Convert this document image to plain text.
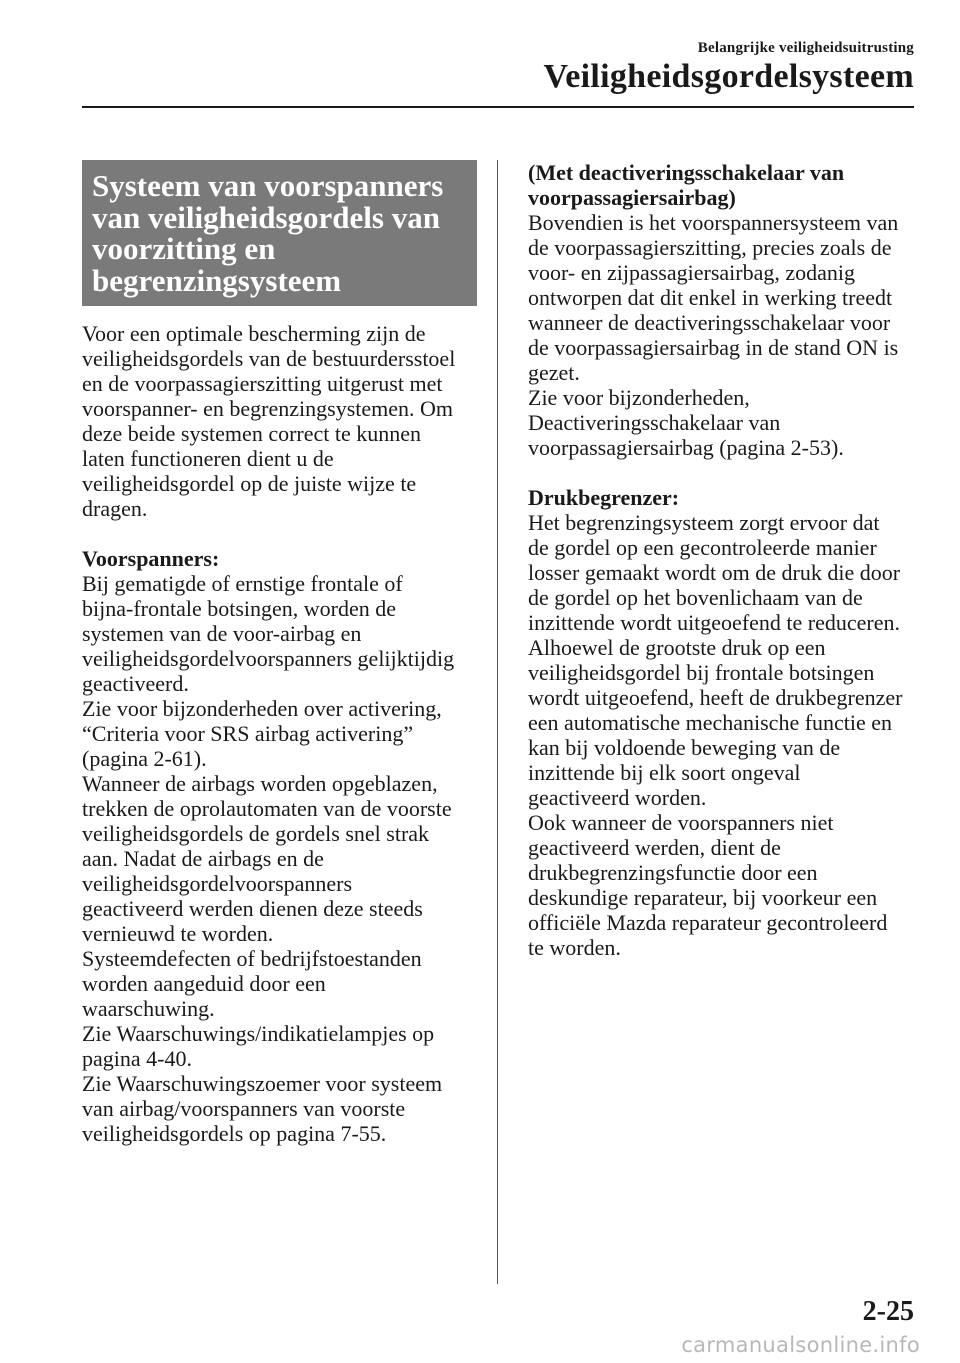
Belangrijke veiligheidsuitrusting
Veiligheidsgordelsysteem
Systeem van voorspanners
van veiligheidsgordels van
voorzitting en
begrenzingsysteem
Voor een optimale bescherming zijn de
veiligheidsgordels van de bestuurdersstoel
en de voorpassagierszitting uitgerust met
voorspanner- en begrenzingsystemen. Om
deze beide systemen correct te kunnen
laten functioneren dient u de
veiligheidsgordel op de juiste wijze te
dragen.
Voorspanners:
Bij gematigde of ernstige frontale of
bijna-frontale botsingen, worden de
systemen van de voor-airbag en
veiligheidsgordelvoorspanners gelijktijdig
geactiveerd.
Zie voor bijzonderheden over activering,
“Criteria voor SRS airbag activering”
(pagina 2-61).
Wanneer de airbags worden opgeblazen,
trekken de oprolautomaten van de voorste
veiligheidsgordels de gordels snel strak
aan. Nadat de airbags en de
veiligheidsgordelvoorspanners
geactiveerd werden dienen deze steeds
vernieuwd te worden.
Systeemdefecten of bedrijfstoestanden
worden aangeduid door een
waarschuwing.
Zie Waarschuwings/indikatielampjes op
pagina 4-40.
Zie Waarschuwingszoemer voor systeem
van airbag/voorspanners van voorste
veiligheidsgordels op pagina 7-55.
(Met deactiveringsschakelaar van
voorpassagiersairbag)
Bovendien is het voorspannersysteem van
de voorpassagierszitting, precies zoals de
voor- en zijpassagiersairbag, zodanig
ontworpen dat dit enkel in werking treedt
wanneer de deactiveringsschakelaar voor
de voorpassagiersairbag in de stand ON is
gezet.
Zie voor bijzonderheden,
Deactiveringsschakelaar van
voorpassagiersairbag (pagina 2-53).
Drukbegrenzer:
Het begrenzingsysteem zorgt ervoor dat
de gordel op een gecontroleerde manier
losser gemaakt wordt om de druk die door
de gordel op het bovenlichaam van de
inzittende wordt uitgeoefend te reduceren.
Alhoewel de grootste druk op een
veiligheidsgordel bij frontale botsingen
wordt uitgeoefend, heeft de drukbegrenzer
een automatische mechanische functie en
kan bij voldoende beweging van de
inzittende bij elk soort ongeval
geactiveerd worden.
Ook wanneer de voorspanners niet
geactiveerd werden, dient de
drukbegrenzingsfunctie door een
deskundige reparateur, bij voorkeur een
officiële Mazda reparateur gecontroleerd
te worden.
2-25
carmanualsonline.info
